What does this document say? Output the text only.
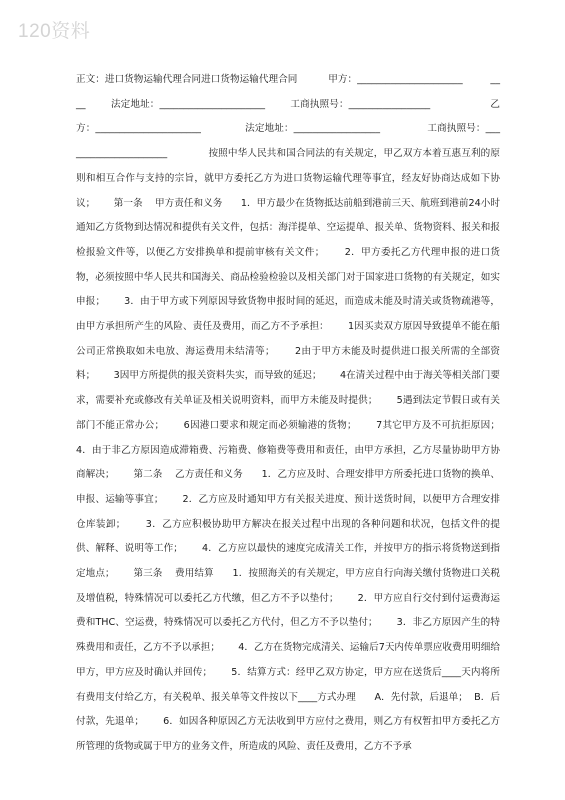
120资料
正文：进口货物运输代理合同进口货物运输代理合同          甲方：______________________         ____        法定地址：______________________        工商执照号：_________________                   乙方：______________________              法定地址：__________________               工商执照号：______________________             按照中华人民共和国合同法的有关规定，甲乙双方本着互惠互利的原则和相互合作与支持的宗旨，就甲方委托乙方为进口货物运输代理等事宜，经友好协商达成如下协议；      第一条    甲方责任和义务      1．甲方最少在货物抵达前船到港前三天、航班到港前24小时通知乙方货物到达情况和提供有关文件，包括：海洋提单、空运提单、报关单、货物资料、报关和报检报验文件等，以便乙方安排换单和提前审核有关文件；      2．甲方委托乙方代理申报的进口货物，必须按照中华人民共和国海关、商品检验检验以及相关部门对于国家进口货物的有关规定，如实申报；      3．由于甲方或下列原因导致货物申报时间的延迟，而造成未能及时清关或货物疏港等，由甲方承担所产生的风险、责任及费用，而乙方不予承担：      1因买卖双方原因导致提单不能在船公司正常换取如未电放、海运费用未结清等；      2由于甲方未能及时提供进口报关所需的全部资料；      3因甲方所提供的报关资料失实，而导致的延迟；      4在清关过程中由于海关等相关部门要求，需要补充或修改有关单证及相关说明资料，而甲方未能及时提供；      5遇到法定节假日或有关部门不能正常办公；      6因港口要求和规定而必须输港的货物；      7其它甲方及不可抗拒原因；      4．由于非乙方原因造成滞箱费、污箱费、修箱费等费用和责任，由甲方承担，乙方尽量协助甲方协商解决；      第二条    乙方责任和义务      1．乙方应及时、合理安排甲方所委托进口货物的换单、申报、运输等事宜；      2．乙方应及时通知甲方有关报关进度、预计送货时间，以便甲方合理安排仓库装卸；      3．乙方应积极协助甲方解决在报关过程中出现的各种问题和状况，包括文件的提供、解释、说明等工作；      4．乙方应以最快的速度完成清关工作，并按甲方的指示将货物送到指定地点；      第三条    费用结算      1．按照海关的有关规定，甲方应自行向海关缴付货物进口关税及增值税，特殊情况可以委托乙方代缴，但乙方不予以垫付；      2．甲方应自行交付到付运费海运费和THC、空运费，特殊情况可以委托乙方代付，但乙方不予以垫付；      3．非乙方原因产生的特殊费用和责任，乙方不予以承担；      4．乙方在货物完成清关、运输后7天内传单票应收费用明细给甲方，甲方应及时确认并回传；      5．结算方式：经甲乙双方协定，甲方应在送货后____天内将所有费用支付给乙方，有关税单、报关单等文件按以下____方式办理      A．先付款，后退单；  B．后付款，先退单；      6．如因各种原因乙方无法收到甲方应付之费用，则乙方有权暂扣甲方委托乙方所管理的货物或属于甲方的业务文件，所造成的风险、责任及费用，乙方不予承
